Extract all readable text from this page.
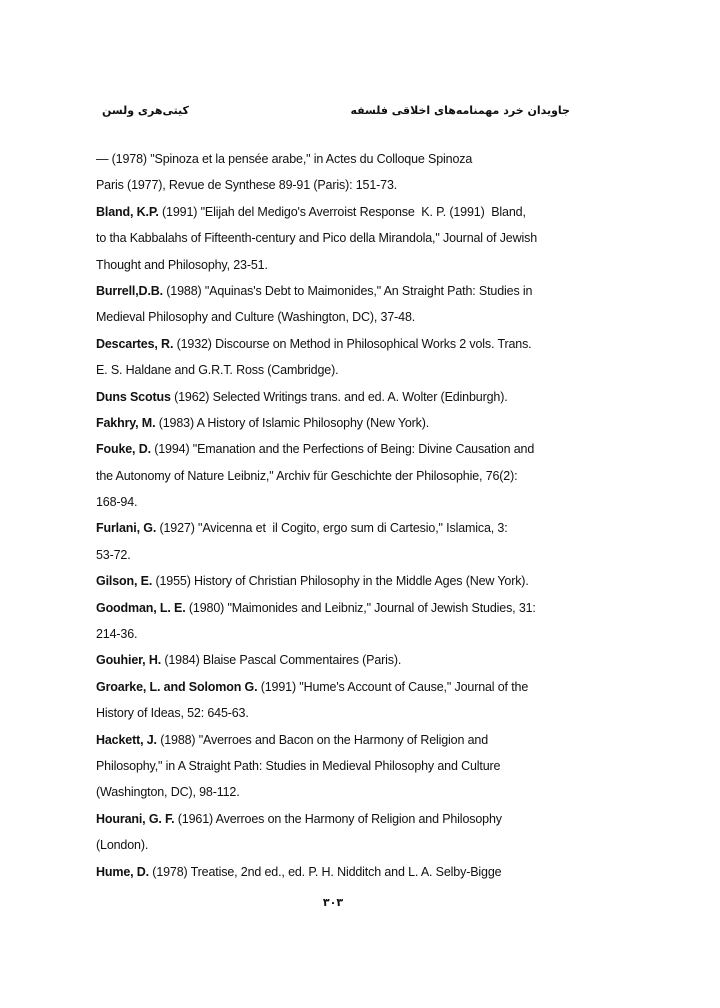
کیتی‌هری ولسن	جاویدان خرد مهمنامه‌های اخلاقی فلسفه
— (1978) "Spinoza et la pensée arabe," in Actes du Colloque Spinoza
Paris (1977), Revue de Synthese 89-91 (Paris): 151-73.
Bland, K.P. (1991) "Elijah del Medigo's Averroist Response  K. P. (1991)  Bland,
to tha Kabbalahs of Fifteenth-century and Pico della Mirandola," Journal of Jewish
Thought and Philosophy, 23-51.
Burrell,D.B. (1988) "Aquinas's Debt to Maimonides," An Straight Path: Studies in
Medieval Philosophy and Culture (Washington, DC), 37-48.
Descartes, R. (1932) Discourse on Method in Philosophical Works 2 vols. Trans.
E. S. Haldane and G.R.T. Ross (Cambridge).
Duns Scotus (1962) Selected Writings trans. and ed. A. Wolter (Edinburgh).
Fakhry, M. (1983) A History of Islamic Philosophy (New York).
Fouke, D. (1994) "Emanation and the Perfections of Being: Divine Causation and
the Autonomy of Nature Leibniz," Archiv für Geschichte der Philosophie, 76(2):
168-94.
Furlani, G. (1927) "Avicenna et  il Cogito, ergo sum di Cartesio," Islamica, 3:
53-72.
Gilson, E. (1955) History of Christian Philosophy in the Middle Ages (New York).
Goodman, L. E. (1980) "Maimonides and Leibniz," Journal of Jewish Studies, 31:
214-36.
Gouhier, H. (1984) Blaise Pascal Commentaires (Paris).
Groarke, L. and Solomon G. (1991) "Hume's Account of Cause," Journal of the
History of Ideas, 52: 645-63.
Hackett, J. (1988) "Averroes and Bacon on the Harmony of Religion and
Philosophy," in A Straight Path: Studies in Medieval Philosophy and Culture
(Washington, DC), 98-112.
Hourani, G. F. (1961) Averroes on the Harmony of Religion and Philosophy
(London).
Hume, D. (1978) Treatise, 2nd ed., ed. P. H. Nidditch and L. A. Selby-Bigge
۳۰۳
